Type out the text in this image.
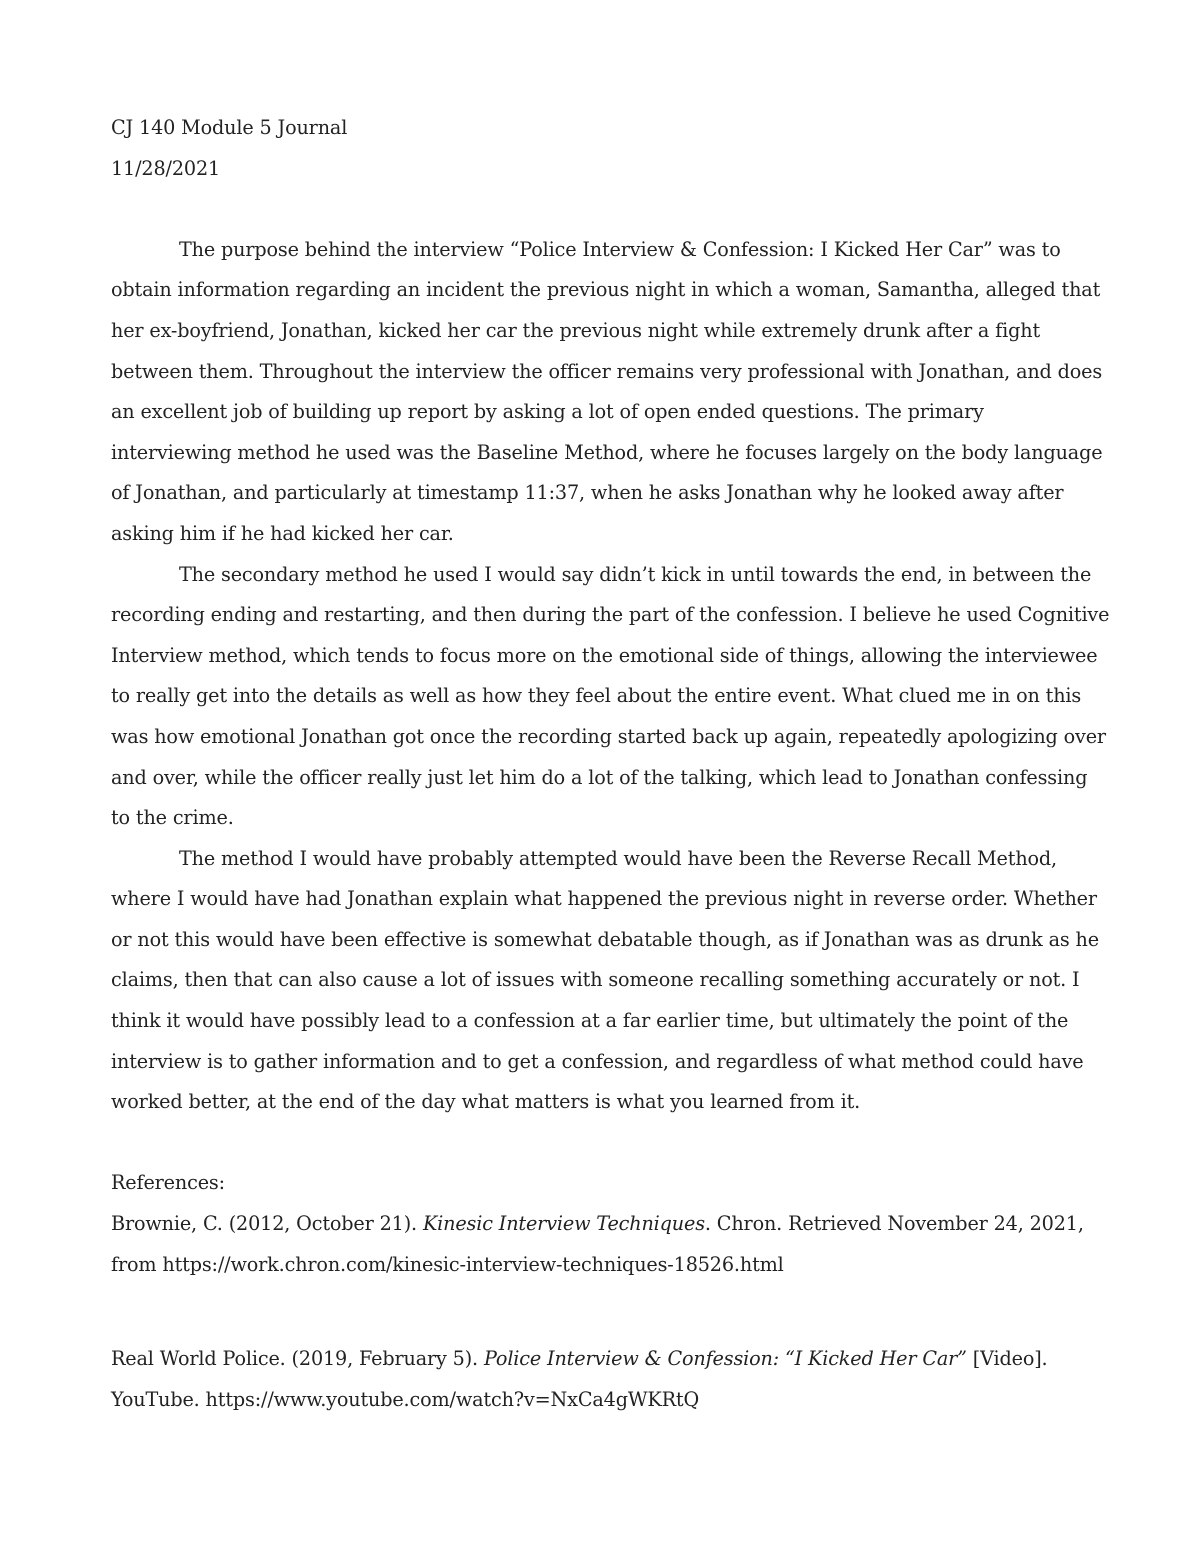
CJ 140 Module 5 Journal

11/28/2021

The purpose behind the interview “Police Interview & Confession: I Kicked Her Car” was to
obtain information regarding an incident the previous night in which a woman, Samantha, alleged that
her ex-boyfriend, Jonathan, kicked her car the previous night while extremely drunk after a fight
between them. Throughout the interview the officer remains very professional with Jonathan, and does
an excellent job of building up report by asking a lot of open ended questions. The primary
interviewing method he used was the Baseline Method, where he focuses largely on the body language
of Jonathan, and particularly at timestamp 11:37, when he asks Jonathan why he looked away after
asking him if he had kicked her car.

The secondary method he used I would say didn’t kick in until towards the end, in between the
recording ending and restarting, and then during the part of the confession. I believe he used Cognitive
Interview method, which tends to focus more on the emotional side of things, allowing the interviewee
to really get into the details as well as how they feel about the entire event. What clued me in on this
was how emotional Jonathan got once the recording started back up again, repeatedly apologizing over
and over, while the officer really just let him do a lot of the talking, which lead to Jonathan confessing
to the crime.

The method I would have probably attempted would have been the Reverse Recall Method,
where I would have had Jonathan explain what happened the previous night in reverse order. Whether
or not this would have been effective is somewhat debatable though, as if Jonathan was as drunk as he
claims, then that can also cause a lot of issues with someone recalling something accurately or not. I
think it would have possibly lead to a confession at a far earlier time, but ultimately the point of the
interview is to gather information and to get a confession, and regardless of what method could have
worked better, at the end of the day what matters is what you learned from it.

References:

Brownie, C. (2012, October 21). Kinesic Interview Techniques. Chron. Retrieved November 24, 2021,
from https://work.chron.com/kinesic-interview-techniques-18526.html

Real World Police. (2019, February 5). Police Interview & Confession: “I Kicked Her Car” [Video].
YouTube. https://www.youtube.com/watch?v=NxCa4gWKRtQ
